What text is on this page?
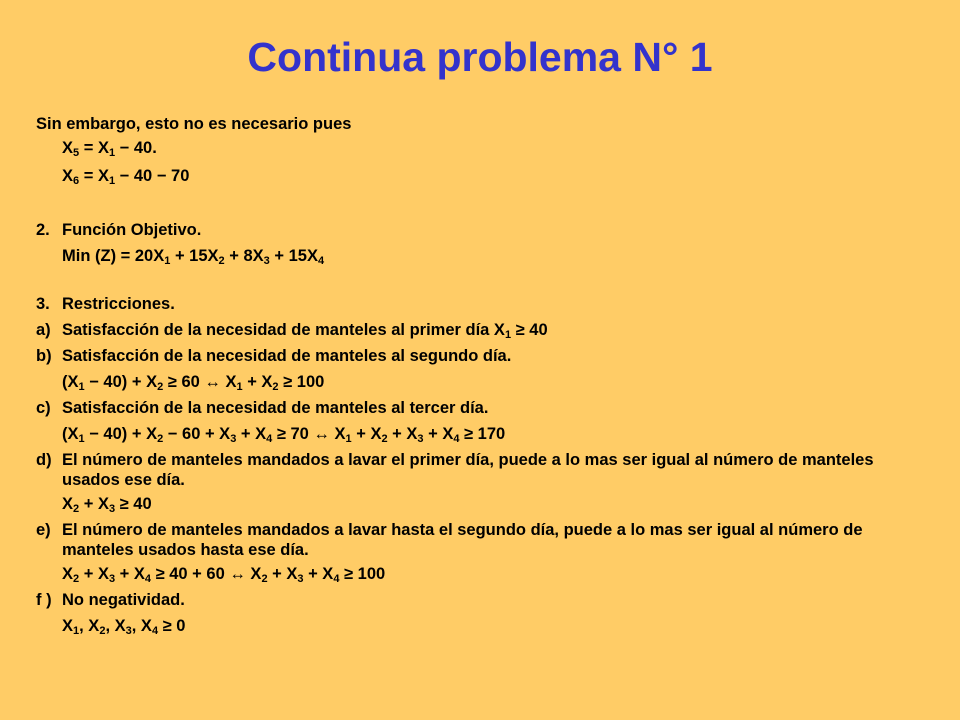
Continua problema N° 1
Sin embargo, esto no es necesario pues
$X_5 = X_1 - 40$.
$X_6 = X_1 - 40 - 70$
2. Función Objetivo.
Min $(Z) = 20X_1 + 15X_2 + 8X_3 + 15X_4$
3. Restricciones.
a) Satisfacción de la necesidad de manteles al primer día $X_1 \ge 40$
b) Satisfacción de la necesidad de manteles al segundo día.
$(X_1 - 40) + X_2 \ge 60$ ↔ $X_1 + X_2 \ge 100$
c) Satisfacción de la necesidad de manteles al tercer día.
$(X_1 - 40) + X_2 - 60 + X_3 + X_4 \ge 70$ ↔ $X_1 + X_2 + X_3 + X_4 \ge 170$
d) El número de manteles mandados a lavar el primer día, puede a lo mas ser igual al número de manteles usados ese día.
$X_2 + X_3 \ge 40$
e) El número de manteles mandados a lavar hasta el segundo día, puede a lo mas ser igual al número de manteles usados hasta ese día.
$X_2 + X_3 + X_4 \ge 40 + 60$ ↔ $X_2 + X_3 + X_4 \ge 100$
f ) No negatividad.
$X_1$, $X_2$, $X_3$, $X_4 \ge 0$
